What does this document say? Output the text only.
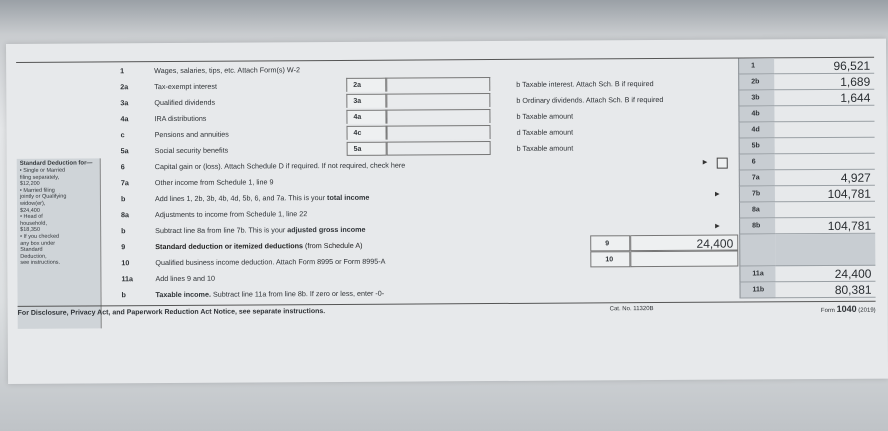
Standard Deduction for—
• Single or Married
filing separately,
$12,200
• Married filing
jointly or Qualifying
widow(er),
$24,400
• Head of
household,
$18,350
• If you checked
any box under
Standard
Deduction,
see instructions.
1	Wages, salaries, tips, etc. Attach Form(s) W-2	1	96,521
2a	Tax-exempt interest	2a	b Taxable interest. Attach Sch. B if required	2b	1,689
3a	Qualified dividends	3a	b Ordinary dividends. Attach Sch. B if required	3b	1,644
4a	IRA distributions	4a	b Taxable amount	4b
c	Pensions and annuities	4c	d Taxable amount	4d
5a	Social security benefits	5a	b Taxable amount	5b
6	Capital gain or (loss). Attach Schedule D if required. If not required, check here	▶	6
7a	Other income from Schedule 1, line 9	7a	4,927
b	Add lines 1, 2b, 3b, 4b, 4d, 5b, 6, and 7a. This is your total income	▶	7b	104,781
8a	Adjustments to income from Schedule 1, line 22	8a
b	Subtract line 8a from line 7b. This is your adjusted gross income	▶	8b	104,781
9	Standard deduction or itemized deductions (from Schedule A)	9	24,400
10	Qualified business income deduction. Attach Form 8995 or Form 8995-A	10
11a	Add lines 9 and 10	11a	24,400
b	Taxable income. Subtract line 11a from line 8b. If zero or less, enter -0-	11b	80,381
For Disclosure, Privacy Act, and Paperwork Reduction Act Notice, see separate instructions.	Cat. No. 11320B	Form 1040 (2019)
